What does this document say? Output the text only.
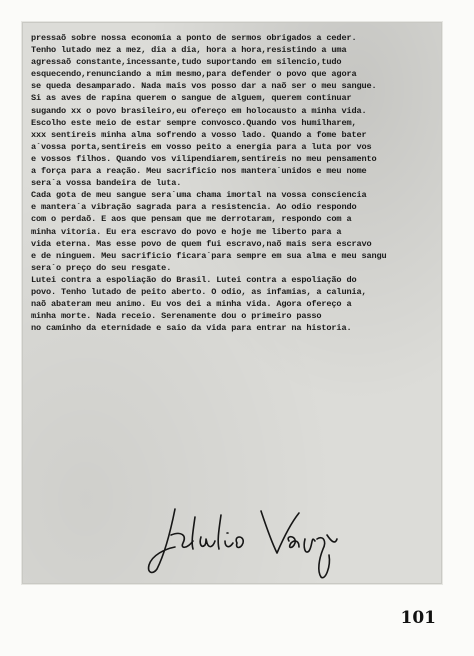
pressaõ sobre nossa economia a ponto de sermos obrigados a ceder.
Tenho lutado mez a mez, dia a dia, hora a hora,resistindo a uma
agressaõ constante,incessante,tudo suportando em silencio,tudo
esquecendo,renunciando a mim mesmo,para defender o povo que agora
se queda desamparado. Nada mais vos posso dar a naõ ser o meu sangue.
Si as aves de rapina querem o sangue de alguem, querem continuar
sugando xx o povo brasileiro,eu ofereço em holocausto a minha vida.
Escolho este meio de estar sempre convosco.Quando vos humilharem,
xxx sentireis minha alma sofrendo a vosso lado. Quando a fome bater
a´vossa porta,sentireis em vosso peito a energia para a luta por vos
e vossos filhos. Quando vos vilipendiarem,sentireis no meu pensamento
a força para a reação. Meu sacrificio nos mantera´unidos e meu nome
sera´a vossa bandeira de luta.
Cada gota de meu sangue sera´uma chama imortal na vossa consciencia
e mantera´a vibração sagrada para a resistencia. Ao odio respondo
com o perdaõ. E aos que pensam que me derrotaram, respondo com a
minha vitoria. Eu era escravo do povo e hoje me liberto para a
vida eterna. Mas esse povo de quem fui escravo,naõ mais sera escravo
e de ninguem. Meu sacrificio ficara´para sempre em sua alma e meu sangu
sera´o preço do seu resgate.
Lutei contra a espoliação do Brasil. Lutei contra a espoliação do
povo. Tenho lutado de peito aberto. O odio, as infamias, a calunia,
naõ abateram meu animo. Eu vos dei a minha vida. Agora ofereço a
minha morte. Nada receio. Serenamente dou o primeiro passo
no caminho da eternidade e saio da vida para entrar na historia.
101
